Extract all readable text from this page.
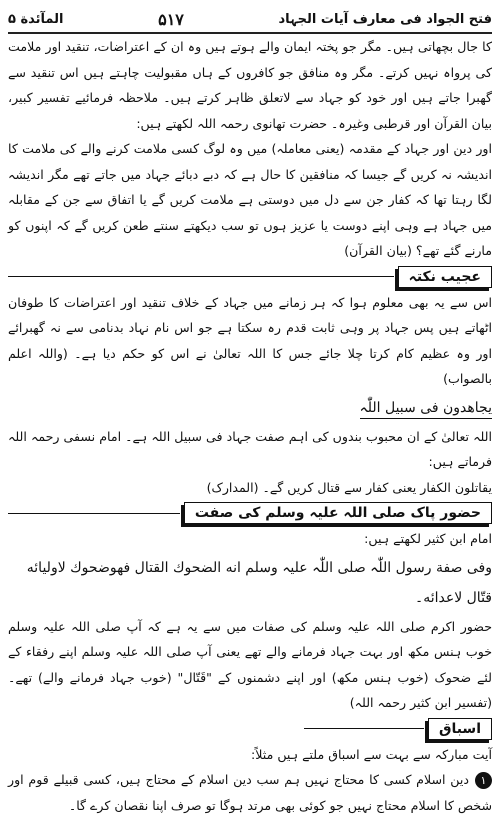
فتح الجواد فی معارف آیات الجہاد
۵۱۷
المآئدة ۵

کا جال بچھاتی ہیں۔ مگر جو پختہ ایمان والے ہوتے ہیں وہ ان کے اعتراضات، تنقید اور ملامت کی پرواہ نہیں کرتے۔ مگر وہ منافق جو کافروں کے ہاں مقبولیت چاہتے ہیں اس تنقید سے گھبرا جاتے ہیں اور خود کو جہاد سے لاتعلق ظاہر کرتے ہیں۔ ملاحظہ فرمائیے تفسیر کبیر، بیان القرآن اور قرطبی وغیرہ۔ حضرت تھانوی رحمہ اللہ لکھتے ہیں:

اور دین اور جہاد کے مقدمہ (یعنی معاملہ) میں وہ لوگ کسی ملامت کرنے والے کی ملامت کا اندیشہ نہ کریں گے جیسا کہ منافقین کا حال ہے کہ دبے دبائے جہاد میں جاتے تھے مگر اندیشہ لگا رہتا تھا کہ کفار جن سے دل میں دوستی ہے ملامت کریں گے یا اتفاق سے جن کے مقابلہ میں جہاد ہے وہی اپنے دوست یا عزیز ہوں تو سب دیکھتے سنتے طعن کریں گے کہ اپنوں کو مارنے گئے تھے؟ (بیان القرآن)

عجیب نکتہ

اس سے یہ بھی معلوم ہوا کہ ہر زمانے میں جہاد کے خلاف تنقید اور اعتراضات کا طوفان اٹھاتے ہیں پس جہاد پر وہی ثابت قدم رہ سکتا ہے جو اس نام نہاد بدنامی سے نہ گھبرائے اور وہ عظیم کام کرتا چلا جائے جس کا اللہ تعالیٰ نے اس کو حکم دیا ہے۔ (واللہ اعلم بالصواب)

یجاهدون فی سبیل اللّٰہ

اللہ تعالیٰ کے ان محبوب بندوں کی اہم صفت جہاد فی سبیل اللہ ہے۔ امام نسفی رحمہ اللہ فرماتے ہیں:

یقاتلون الکفار یعنی کفار سے قتال کریں گے۔ (المدارک)

حضور پاک صلی اللہ علیہ وسلم کی صفت

امام ابن کثیر لکھتے ہیں:

وفی صفة رسول اللّٰہ صلی اللّٰہ علیہ وسلم انه الضحوك القتال فهوضحوك لاولیائه
قتّال لاعدائه۔

حضور اکرم صلی اللہ علیہ وسلم کی صفات میں سے یہ ہے کہ آپ صلی اللہ علیہ وسلم خوب ہنس مکھ اور بہت جہاد فرمانے والے تھے یعنی آپ صلی اللہ علیہ وسلم اپنے رفقاء کے لئے ضحوک (خوب ہنس مکھ) اور اپنے دشمنوں کے "قَتّال" (خوب جہاد فرمانے والے) تھے۔ (تفسیر ابن کثیر رحمہ اللہ)

اسباق

آیت مبارکہ سے بہت سے اسباق ملتے ہیں مثلاً:

١دین اسلام کسی کا محتاج نہیں ہم سب دین اسلام کے محتاج ہیں، کسی قبیلے قوم اور شخص کا اسلام محتاج نہیں جو کوئی بھی مرتد ہوگا تو صرف اپنا نقصان کرے گا۔
